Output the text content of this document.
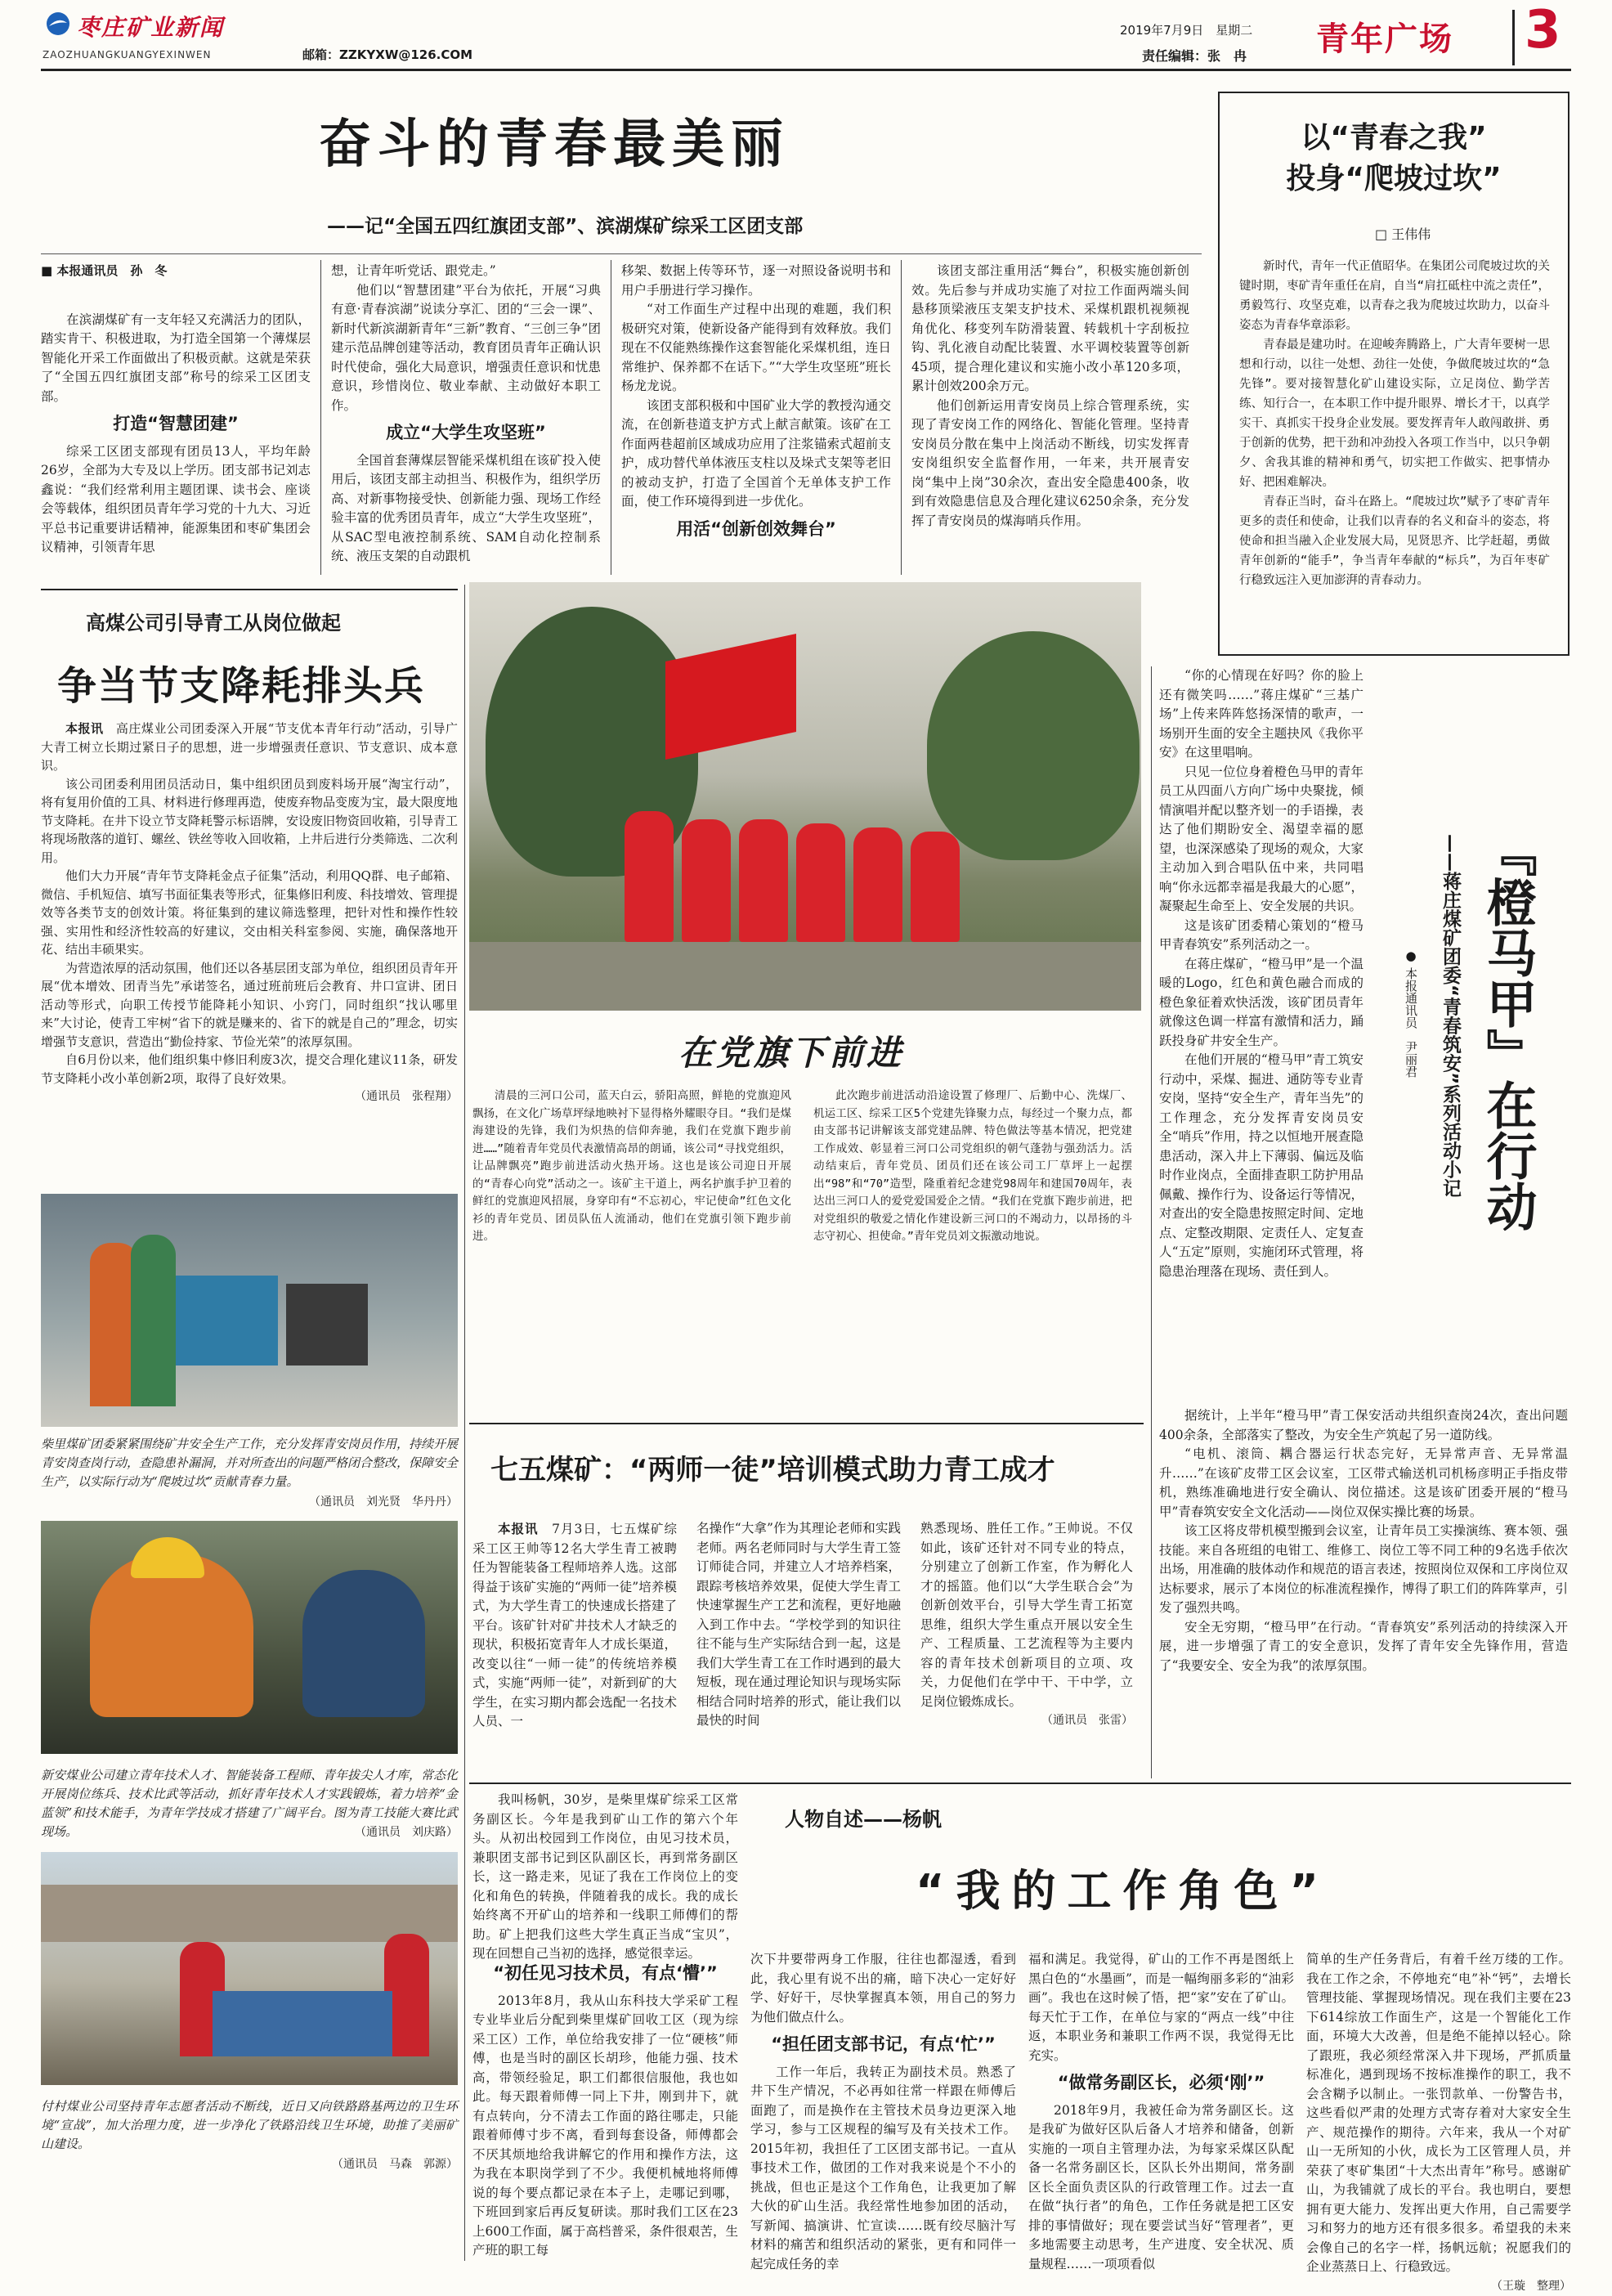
枣庄矿业新闻
ZAOZHUANGKUANGYEXINWEN	邮箱：ZZKYXW@126.COM
2019年7月9日　星期二
责任编辑：张　冉 青年广场 3
奋斗的青春最美丽
——记“全国五四红旗团支部”、滨湖煤矿综采工区团支部
■ 本报通讯员　孙　冬

在滨湖煤矿有一支年轻又充满活力的团队，踏实肯干、积极进取，为打造全国第一个薄煤层智能化开采工作面做出了积极贡献。这就是荣获了“全国五四红旗团支部”称号的综采工区团支部。

打造“智慧团建”

综采工区团支部现有团员13人，平均年龄26岁，全部为大专及以上学历。团支部书记刘志鑫说：“我们经常利用主题团课、读书会、座谈会等载体，组织团员青年学习党的十九大、习近平总书记重要讲话精神，能源集团和枣矿集团会议精神，引领青年思

想，让青年听党话、跟党走。”

他们以“智慧团建”平台为依托，开展“习典有意·青春滨湖”说读分享汇、团的“三会一课”、新时代新滨湖新青年“三新”教育、“三创三争”团建示范品牌创建等活动，教育团员青年正确认识时代使命，强化大局意识，增强责任意识和忧患意识，珍惜岗位、敬业奉献、主动做好本职工作。

成立“大学生攻坚班”

全国首套薄煤层智能采煤机组在该矿投入使用后，该团支部主动担当、积极作为，组织学历高、对新事物接受快、创新能力强、现场工作经验丰富的优秀团员青年，成立“大学生攻坚班”，从SAC型电液控制系统、SAM自动化控制系统、液压支架的自动跟机

移架、数据上传等环节，逐一对照设备说明书和用户手册进行学习操作。

“对工作面生产过程中出现的难题，我们积极研究对策，使新设备产能得到有效释放。我们现在不仅能熟练操作这套智能化采煤机组，连日常维护、保养都不在话下。”“大学生攻坚班”班长杨龙龙说。

该团支部积极和中国矿业大学的教授沟通交流，在创新巷道支护方式上献言献策。该矿在工作面两巷超前区域成功应用了注浆锚索式超前支护，成功替代单体液压支柱以及垛式支架等老旧的被动支护，打造了全国首个无单体支护工作面，使工作环境得到进一步优化。

用活“创新创效舞台”

该团支部注重用活“舞台”，积极实施创新创效。先后参与并成功实施了对拉工作面两端头间悬移顶梁液压支架支护技术、采煤机跟机视频视角优化、移变列车防滑装置、转载机十字刮板拉钩、乳化液自动配比装置、水平调校装置等创新45项，提合理化建议和实施小改小革120多项，累计创效200余万元。

他们创新运用青安岗员上综合管理系统，实现了青安岗工作的网络化、智能化管理。坚持青安岗员分散在集中上岗活动不断线，切实发挥青安岗组织安全监督作用，一年来，共开展青安岗“集中上岗”30余次，查出安全隐患400条，收到有效隐患信息及合理化建议6250余条，充分发挥了青安岗员的煤海哨兵作用。

以“青春之我”
投身“爬坡过坎”
□ 王伟伟

新时代，青年一代正值昭华。在集团公司爬坡过坎的关键时期，枣矿青年重任在肩，自当“肩扛砥柱中流之责任”，勇毅笃行、攻坚克难，以青春之我为爬坡过坎助力，以奋斗姿态为青春华章添彩。

青春最是建功时。在迎峻奔腾路上，广大青年要树一思想和行动，以往一处想、劲往一处使，争做爬坡过坎的“急先锋”。要对接智慧化矿山建设实际，立足岗位、勤学苦练、知行合一，在本职工作中提升眼界、增长才干，以真学实干、真抓实干投身企业发展。要发挥青年人敢闯敢拼、勇于创新的优势，把干劲和冲劲投入各项工作当中，以只争朝夕、舍我其谁的精神和勇气，切实把工作做实、把事情办好、把困难解决。

青春正当时，奋斗在路上。“爬坡过坎”赋予了枣矿青年更多的责任和使命，让我们以青春的名义和奋斗的姿态，将使命和担当融入企业发展大局，见贤思齐、比学赶超，勇做青年创新的“能手”，争当青年奉献的“标兵”，为百年枣矿行稳致远注入更加澎湃的青春动力。

高煤公司引导青工从岗位做起
争当节支降耗排头兵

本报讯　 高庄煤业公司团委深入开展“节支优本青年行动”活动，引导广大青工树立长期过紧日子的思想，进一步增强责任意识、节支意识、成本意识。

该公司团委利用团员活动日，集中组织团员到废料场开展“淘宝行动”，将有复用价值的工具、材料进行修理再造，使废弃物品变废为宝，最大限度地节支降耗。在井下设立节支降耗警示标语牌，安设废旧物资回收箱，引导青工将现场散落的道钉、螺丝、铁丝等收入回收箱，上井后进行分类筛选、二次利用。

他们大力开展“青年节支降耗金点子征集”活动，利用QQ群、电子邮箱、微信、手机短信、填写书面征集表等形式，征集修旧利废、科技增效、管理提效等各类节支的创效计策。将征集到的建议筛选整理，把针对性和操作性较强、实用性和经济性较高的好建议，交由相关科室参阅、实施，确保落地开花、结出丰硕果实。

为营造浓厚的活动氛围，他们还以各基层团支部为单位，组织团员青年开展“优本增效、团青当先”承诺签名，通过班前班后会教育、井口宣讲、团日活动等形式，向职工传授节能降耗小知识、小窍门，同时组织“找认哪里来”大讨论，使青工牢树“省下的就是赚来的、省下的就是自己的”理念，切实增强节支意识，营造出“勤俭持家、节俭光荣”的浓厚氛围。

自6月份以来，他们组织集中修旧利废3次，提交合理化建议11条，研发节支降耗小改小革创新2项，取得了良好效果。

（通讯员　张程翔）
柴里煤矿团委紧紧围绕矿井安全生产工作，充分发挥青安岗员作用，持续开展青安岗查岗行动，查隐患补漏洞，并对所查出的问题严格闭合整改，保障安全生产，以实际行动为“爬坡过坎”贡献青春力量。
（通讯员　刘光贤　华丹丹）
新安煤业公司建立青年技术人才、智能装备工程师、青年拔尖人才库，常态化开展岗位练兵、技术比武等活动，抓好青年技术人才实践锻炼，着力培养“金蓝领”和技术能手，为青年学技成才搭建了广阔平台。图为青工技能大赛比武现场。	（通讯员　刘庆路）
付村煤业公司坚持青年志愿者活动不断线，近日又向铁路路基两边的卫生环境“宣战”，加大治理力度，进一步净化了铁路沿线卫生环境，助推了美丽矿山建设。
（通讯员　马森　郭源）
在党旗下前进
清晨的三河口公司，蓝天白云，骄阳高照，鲜艳的党旗迎风飘扬，在文化广场草坪绿地映衬下显得格外耀眼夺目。“我们是煤海建设的先锋，我们为炽热的信仰奔驰，我们在党旗下跑步前进……”随着青年党员代表激情高昂的朗诵，该公司“寻找党组织，让品牌飘亮”跑步前进活动火热开场。这也是该公司迎日开展的“青春心向党”活动之一。该矿主干道上，两名护旗手护卫着的鲜红的党旗迎风招展，身穿印有“不忘初心，牢记使命”红色文化衫的青年党员、团员队伍人流涌动，他们在党旗引领下跑步前进。
此次跑步前进活动沿途设置了修理厂、后勤中心、洗煤厂、机运工区、综采工区5个党建先锋聚力点，每经过一个聚力点，都由支部书记讲解该支部党建品牌、特色做法等基本情况，把党建工作成效、彰显着三河口公司党组织的朝气蓬勃与强劲活力。活动结束后，青年党员、团员们还在该公司工厂草坪上一起摆出“98”和“70”造型，隆重着纪念建党98周年和建国70周年，表达出三河口人的爱党爱国爱企之情。“我们在党旗下跑步前进，把对党组织的敬爱之情化作建设新三河口的不竭动力，以昂扬的斗志守初心、担使命。”青年党员刘文振激动地说。
七五煤矿：“两师一徒”培训模式助力青工成才

本报讯　 7月3日，七五煤矿综采工区王帅等12名大学生青工被聘任为智能装备工程师培养人选。这部得益于该矿实施的“两师一徒”培养模式，为大学生青工的快速成长搭建了平台。该矿针对矿井技术人才缺乏的现状，积极拓宽青年人才成长渠道，改变以往“一师一徒”的传统培养模式，实施“两师一徒”，对新到矿的大学生，在实习期内都会选配一名技术人员、一

名操作“大拿”作为其理论老师和实践老师。两名老师同时与大学生青工签订师徒合同，并建立人才培养档案，跟踪考核培养效果，促使大学生青工快速掌握生产工艺和流程，更好地融入到工作中去。“学校学到的知识往往不能与生产实际结合到一起，这是我们大学生青工在工作时遇到的最大短板，现在通过理论知识与现场实际相结合同时培养的形式，能让我们以最快的时间

熟悉现场、胜任工作。”王帅说。不仅如此，该矿还针对不同专业的特点，分别建立了创新工作室，作为孵化人才的摇篮。他们以“大学生联合会”为创新创效平台，引导大学生青工拓宽思维，组织大学生重点开展以安全生产、工程质量、工艺流程等为主要内容的青年技术创新项目的立项、攻关，力促他们在学中干、干中学，立足岗位锻炼成长。

（通讯员　张雷）

“你的心情现在好吗？你的脸上还有微笑吗……”蒋庄煤矿“三基广场”上传来阵阵悠扬深情的歌声，一场别开生面的安全主题抉风《我你平安》在这里唱响。

只见一位位身着橙色马甲的青年员工从四面八方向广场中央聚拢，倾情演唱并配以整齐划一的手语操，表达了他们期盼安全、渴望幸福的愿望，也深深感染了现场的观众，大家主动加入到合唱队伍中来，共同唱响“你永远都幸福是我最大的心愿”，凝聚起生命至上、安全发展的共识。

这是该矿团委精心策划的“橙马甲青春筑安”系列活动之一。

在蒋庄煤矿，“橙马甲”是一个温暖的Logo，红色和黄色融合而成的橙色象征着欢快活泼，该矿团员青年就像这色调一样富有激情和活力，踊跃投身矿井安全生产。

在他们开展的“橙马甲”青工筑安行动中，采煤、掘进、通防等专业青安岗，坚持“安全生产，青年当先”的工作理念，充分发挥青安岗员安全“哨兵”作用，持之以恒地开展查隐患活动，深入井上下薄弱、偏远及临时作业岗点，全面排查职工防护用品佩戴、操作行为、设备运行等情况，对查出的安全隐患按照定时间、定地点、定整改期限、定责任人、定复查人“五定”原则，实施闭环式管理，将隐患治理落在现场、责任到人。

『橙马甲』在行动
——蒋庄煤矿团委“青春筑安”系列活动小记
● 本报通讯员　尹丽君

据统计，上半年“橙马甲”青工保安活动共组织查岗24次，查出问题400余条，全部落实了整改，为安全生产筑起了另一道防线。

“电机、滚筒、耦合器运行状态完好，无异常声音、无异常温升……”在该矿皮带工区会议室，工区带式输送机司机杨彦明正手指皮带机，熟练准确地进行安全确认、岗位描述。这是该矿团委开展的“橙马甲”青春筑安安全文化活动——岗位双保实操比赛的场景。

该工区将皮带机模型搬到会议室，让青年员工实操演练、赛本领、强技能。来自各班组的电钳工、维修工、岗位工等不同工种的9名选手依次出场，用准确的肢体动作和规范的语言表述，按照岗位双保和工序岗位双达标要求，展示了本岗位的标准流程操作，博得了职工们的阵阵掌声，引发了强烈共鸣。

安全无穷期，“橙马甲”在行动。“青春筑安”系列活动的持续深入开展，进一步增强了青工的安全意识，发挥了青年安全先锋作用，营造了“我要安全、安全为我”的浓厚氛围。

我叫杨帆，30岁，是柴里煤矿综采工区常务副区长。今年是我到矿山工作的第六个年头。从初出校园到工作岗位，由见习技术员，兼职团支部书记到区队副区长，再到常务副区长，这一路走来，见证了我在工作岗位上的变化和角色的转换，伴随着我的成长。我的成长始终离不开矿山的培养和一线职工师傅们的帮助。矿上把我们这些大学生真正当成“宝贝”，现在回想自己当初的选择，感觉很幸运。
人物自述——杨帆
“我的工作角色”
“初任见习技术员，有点‘懵’”

2013年8月，我从山东科技大学采矿工程专业毕业后分配到柴里煤矿回收工区（现为综采工区）工作，单位给我安排了一位“硬核”师傅，也是当时的副区长胡珍，他能力强、技术高，带领经验足，职工们都很信服他，我也如此。每天跟着师傅一同上下井，刚到井下，就有点转向，分不清去工作面的路往哪走，只能跟着师傅寸步不离，看到每套设备，师傅都会不厌其烦地给我讲解它的作用和操作方法，这为我在本职岗学到了不少。我便机械地将师傅说的每个要点都记录在本子上，走哪记到哪，下班回到家后再反复研读。那时我们工区在23上600工作面，属于高档普采，条件很艰苦，生产班的职工每

次下井要带两身工作服，往往也都湿透，看到此，我心里有说不出的痛，暗下决心一定好好学、好好干，尽快掌握真本领，用自己的努力为他们做点什么。

“担任团支部书记，有点‘忙’”

工作一年后，我转正为副技术员。熟悉了井下生产情况，不必再如往常一样跟在师傅后面跑了，而是换作在主管技术员身边更深入地学习，参与工区规程的编写及有关技术工作。2015年初，我担任了工区团支部书记。一直从事技术工作，做团的工作对我来说是个不小的挑战，但也正是这个工作角色，让我更加了解大伙的矿山生活。我经常性地参加团的活动，写新闻、搞演讲、忙宣读……既有绞尽脑汁写材料的痛苦和组织活动的紧张，更有和同伴一起完成任务的幸

福和满足。我觉得，矿山的工作不再是图纸上黑白色的“水墨画”，而是一幅绚丽多彩的“油彩画”。我也在这时候了悟，把“家”安在了矿山。每天忙于工作，在单位与家的“两点一线”中往返，本职业务和兼职工作两不误，我觉得无比充实。

“做常务副区长，必须‘刚’”

2018年9月，我被任命为常务副区长。这是我矿为做好区队后备人才培养和储备，创新实施的一项自主管理办法，为每家采煤区队配备一名常务副区长，区队长外出期间，常务副区长全面负责区队的行政管理工作。过去一直在做“执行者”的角色，工作任务就是把工区安排的事情做好；现在要尝试当好“管理者”，更多地需要主动思考，生产进度、安全状况、质量规程……一项项看似

简单的生产任务背后，有着千丝万缕的工作。我在工作之余，不停地充“电”补“钙”，去增长管理技能、掌握现场情况。现在我们主要在23下614综放工作面生产，这是一个智能化工作面，环境大大改善，但是绝不能掉以轻心。除了跟班，我必须经常深入井下现场，严抓质量标准化，遇到现场不按标准操作的职工，我不会含糊予以制止。一张罚款单、一份警告书，这些看似严肃的处理方式寄存着对大家安全生产、规范操作的期待。六年来，我从一个对矿山一无所知的小伙，成长为工区管理人员，并荣获了枣矿集团“十大杰出青年”称号。感谢矿山，为我铺就了成长的平台。我也明白，要想拥有更大能力、发挥出更大作用，自己需要学习和努力的地方还有很多很多。希望我的未来会像自己的名字一样，扬帆远航；祝愿我们的企业蒸蒸日上、行稳致远。

（王璇　整理）
